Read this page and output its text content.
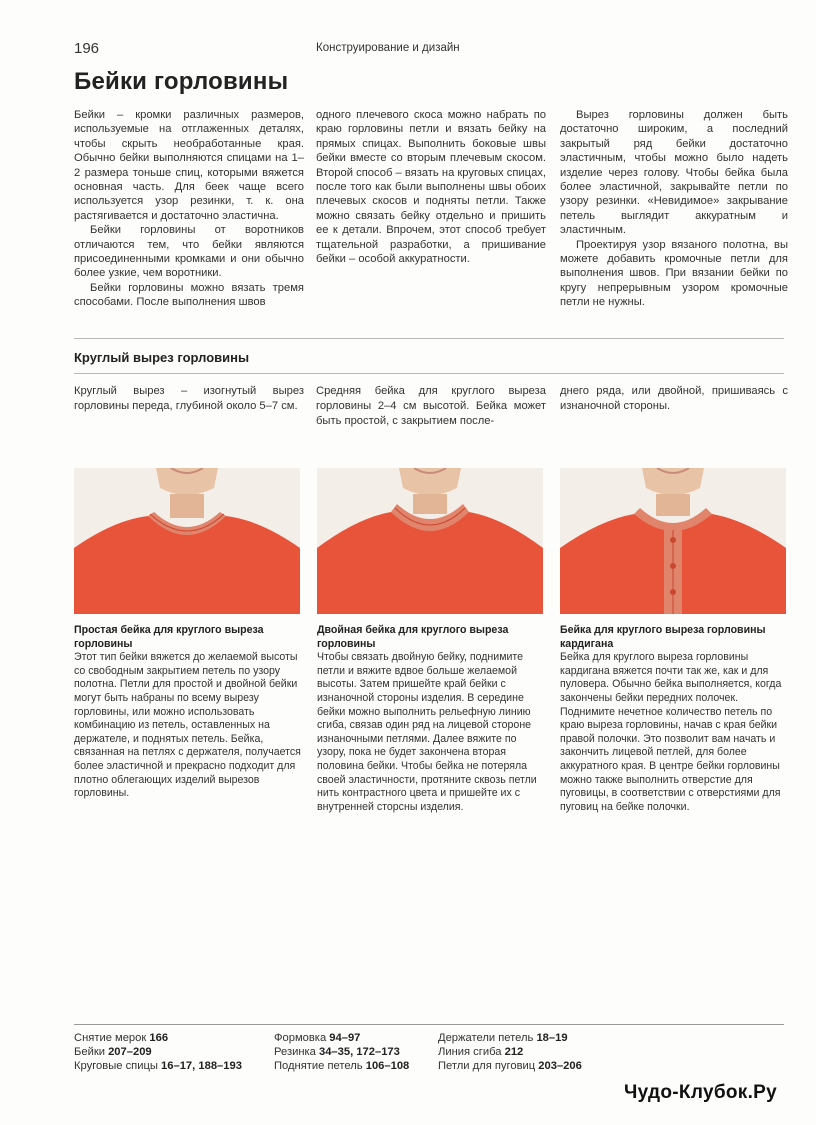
196	Конструирование и дизайн
Бейки горловины

Бейки – кромки различных размеров, используемые на отглаженных деталях, чтобы скрыть необработанные края. Обычно бейки выполняются спицами на 1–2 размера тоньше спиц, которыми вяжется основная часть. Для беек чаще всего используется узор резинки, т. к. она растягивается и достаточно эластична.

Бейки горловины от воротников отличаются тем, что бейки являются присоединенными кромками и они обычно более узкие, чем воротники.

Бейки горловины можно вязать тремя способами. После выполнения швов

одного плечевого скоса можно набрать по краю горловины петли и вязать бейку на прямых спицах. Выполнить боковые швы бейки вместе со вторым плечевым скосом. Второй способ – вязать на круговых спицах, после того как были выполнены швы обоих плечевых скосов и подняты петли. Также можно связать бейку отдельно и пришить ее к детали. Впрочем, этот способ требует тщательной разработки, а пришивание бейки – особой аккуратности.

Вырез горловины должен быть достаточно широким, а последний закрытый ряд бейки достаточно эластичным, чтобы можно было надеть изделие через голову. Чтобы бейка была более эластичной, закрывайте петли по узору резинки. «Невидимое» закрывание петель выглядит аккуратным и эластичным.

Проектируя узор вязаного полотна, вы можете добавить кромочные петли для выполнения швов. При вязании бейки по кругу непрерывным узором кромочные петли не нужны.

Круглый вырез горловины
Круглый вырез – изогнутый вырез горловины переда, глубиной около 5–7 см.
Средняя бейка для круглого выреза горловины 2–4 см высотой. Бейка может быть простой, с закрытием после-
днего ряда, или двойной, пришиваясь с изнаночной стороны.
Простая бейка для круглого выреза горловины
Этот тип бейки вяжется до желаемой высоты со свободным закрытием петель по узору полотна. Петли для простой и двойной бейки могут быть набраны по всему вырезу горловины, или можно использовать комбинацию из петель, оставленных на держателе, и поднятых петель. Бейка, связанная на петлях с держателя, получается более эластичной и прекрасно подходит для плотно облегающих изделий вырезов горловины.
Двойная бейка для круглого выреза горловины
Чтобы связать двойную бейку, поднимите петли и вяжите вдвое больше желаемой высоты. Затем пришейте край бейки с изнаночной стороны изделия. В середине бейки можно выполнить рельефную линию сгиба, связав один ряд на лицевой стороне изнаночными петлями. Далее вяжите по узору, пока не будет закончена вторая половина бейки. Чтобы бейка не потеряла своей эластичности, протяните сквозь петли нить контрастного цвета и пришейте их с внутренней сторсны изделия.
Бейка для круглого выреза горловины кардигана
Бейка для круглого выреза горловины кардигана вяжется почти так же, как и для пуловера. Обычно бейка выполняется, когда закончены бейки передних полочек. Поднимите нечетное количество петель по краю выреза горловины, начав с края бейки правой полочки. Это позволит вам начать и закончить лицевой петлей, для более аккуратного края. В центре бейки горловины можно также выполнить отверстие для пуговицы, в соответствии с отверстиями для пуговиц на бейке полочки.
Снятие мерок 166
Бейки 207–209
Круговые спицы 16–17, 188–193
Формовка 94–97
Резинка 34–35, 172–173
Поднятие петель 106–108
Держатели петель 18–19
Линия сгиба 212
Петли для пуговиц 203–206
Чудо-Клубок.Ру
